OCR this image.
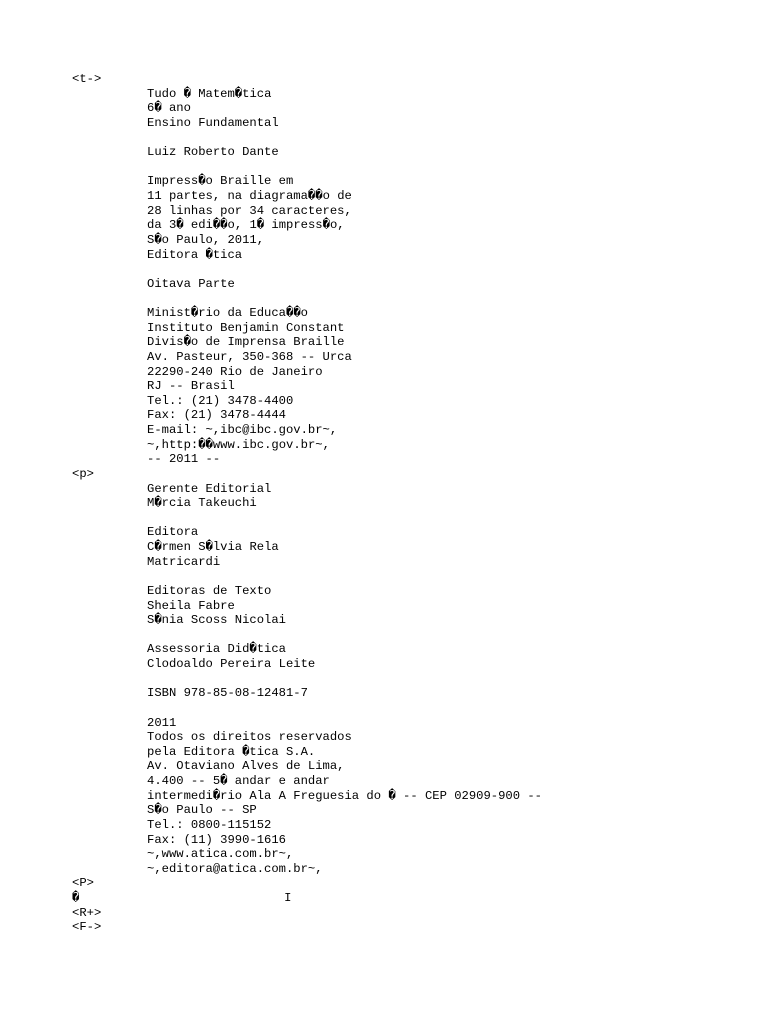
<t->
Tudo � Matem�tica
6� ano
Ensino Fundamental
Luiz Roberto Dante
Impress�o Braille em
11 partes, na diagrama��o de
28 linhas por 34 caracteres,
da 3� edi��o, 1� impress�o,
S�o Paulo, 2011,
Editora �tica
Oitava Parte
Minist�rio da Educa��o
Instituto Benjamin Constant
Divis�o de Imprensa Braille
Av. Pasteur, 350-368 -- Urca
22290-240 Rio de Janeiro
RJ -- Brasil
Tel.: (21) 3478-4400
Fax: (21) 3478-4444
E-mail: ~,ibc@ibc.gov.br~,
~,http:��www.ibc.gov.br~,
-- 2011 --
<p>
Gerente Editorial
M�rcia Takeuchi
Editora
C�rmen S�lvia Rela
Matricardi
Editoras de Texto
Sheila Fabre
S�nia Scoss Nicolai
Assessoria Did�tica
Clodoaldo Pereira Leite
ISBN 978-85-08-12481-7
2011
Todos os direitos reservados
pela Editora �tica S.A.
Av. Otaviano Alves de Lima,
4.400 -- 5� andar e andar
intermedi�rio Ala A Freguesia do � -- CEP 02909-900 --
S�o Paulo -- SP
Tel.: 0800-115152
Fax: (11) 3990-1616
~,www.atica.com.br~,
~,editora@atica.com.br~,
<P>
�                            I
<R+>
<F->
